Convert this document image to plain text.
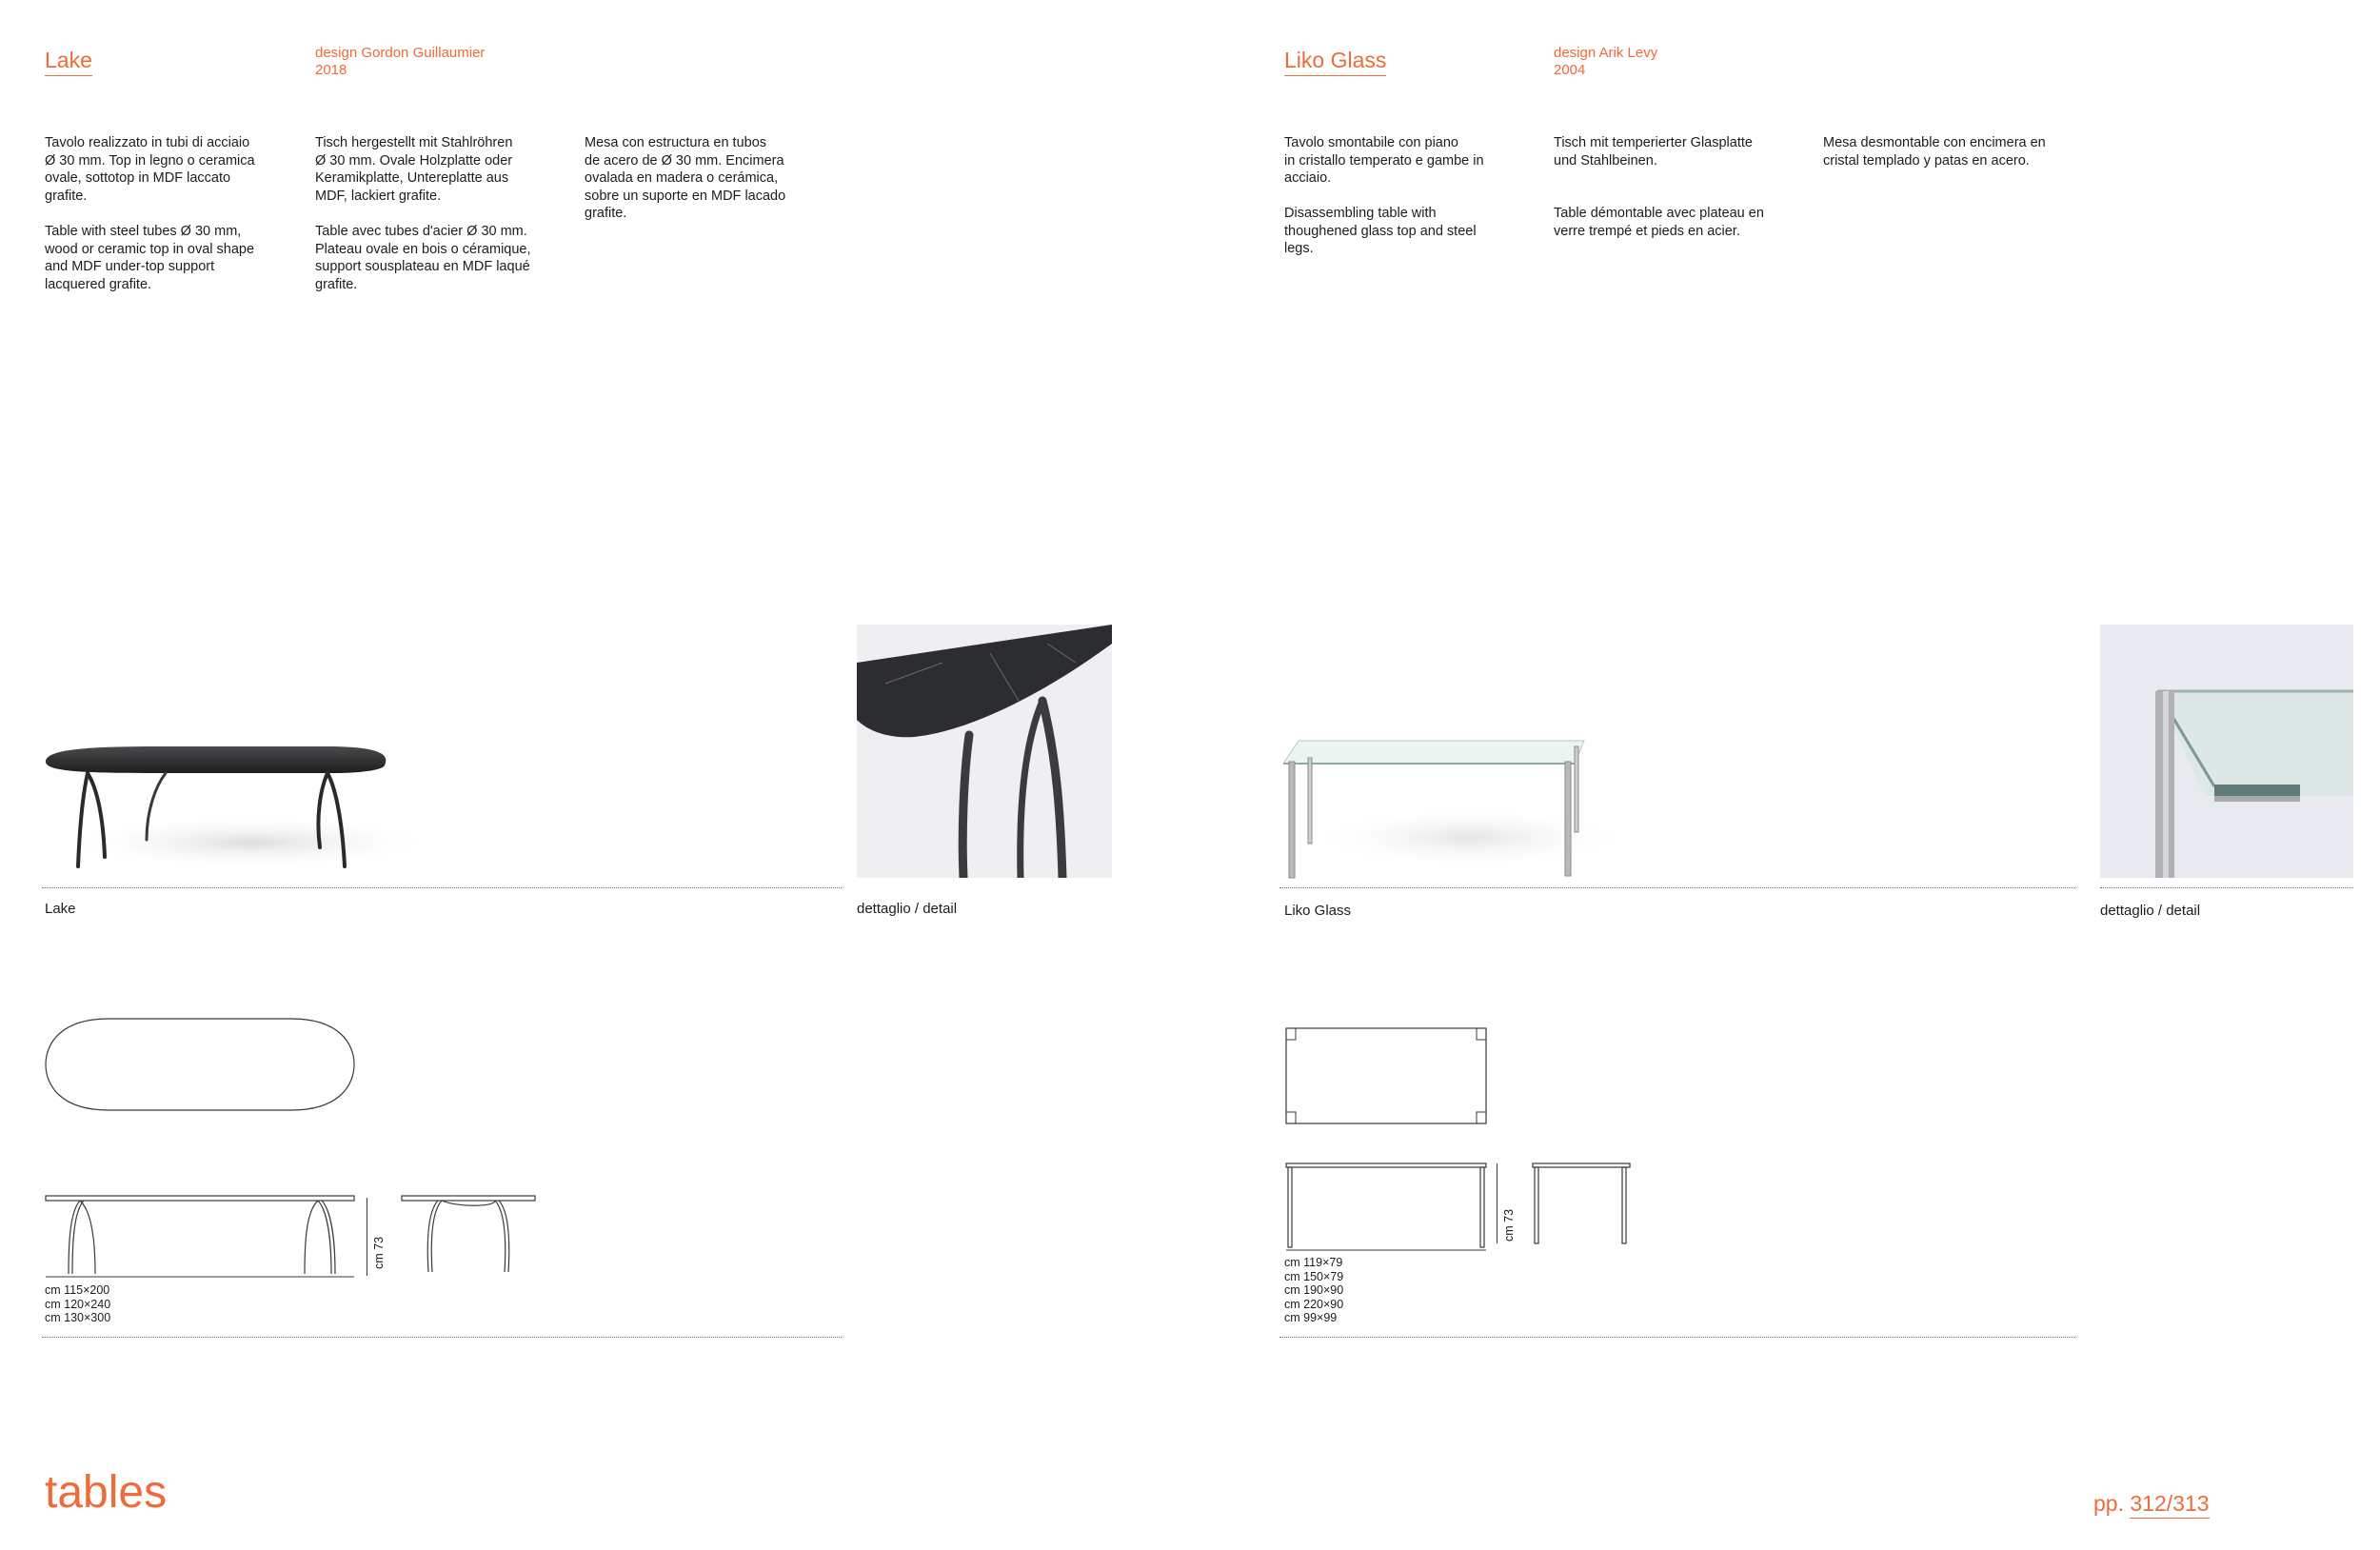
Lake	design Gordon Guillaumier
2018
Tavolo realizzato in tubi di acciaio
Ø 30 mm. Top in legno o ceramica
ovale, sottotop in MDF laccato
grafite.
Table with steel tubes Ø 30 mm,
wood or ceramic top in oval shape
and MDF under-top support
lacquered grafite.
Tisch hergestellt mit Stahlröhren
Ø 30 mm. Ovale Holzplatte oder
Keramikplatte, Untereplatte aus
MDF, lackiert grafite.
Table avec tubes d'acier Ø 30 mm.
Plateau ovale en bois o céramique,
support sousplateau en MDF laqué
grafite.
Mesa con estructura en tubos
de acero de Ø 30 mm. Encimera
ovalada en madera o cerámica,
sobre un suporte en MDF lacado
grafite.
Lake	dettaglio / detail
cm 73
cm 115×200
cm 120×240
cm 130×300
Liko Glass	design Arik Levy
2004
Tavolo smontabile con piano
in cristallo temperato e gambe in
acciaio.
Disassembling table with
thoughened glass top and steel
legs.
Tisch mit temperierter Glasplatte
und Stahlbeinen.
Table démontable avec plateau en
verre trempé et pieds en acier.
Mesa desmontable con encimera en
cristal templado y patas en acero.
Liko Glass	dettaglio / detail
cm 73
cm 119×79
cm 150×79
cm 190×90
cm 220×90
cm 99×99
tables	pp. 312/313
